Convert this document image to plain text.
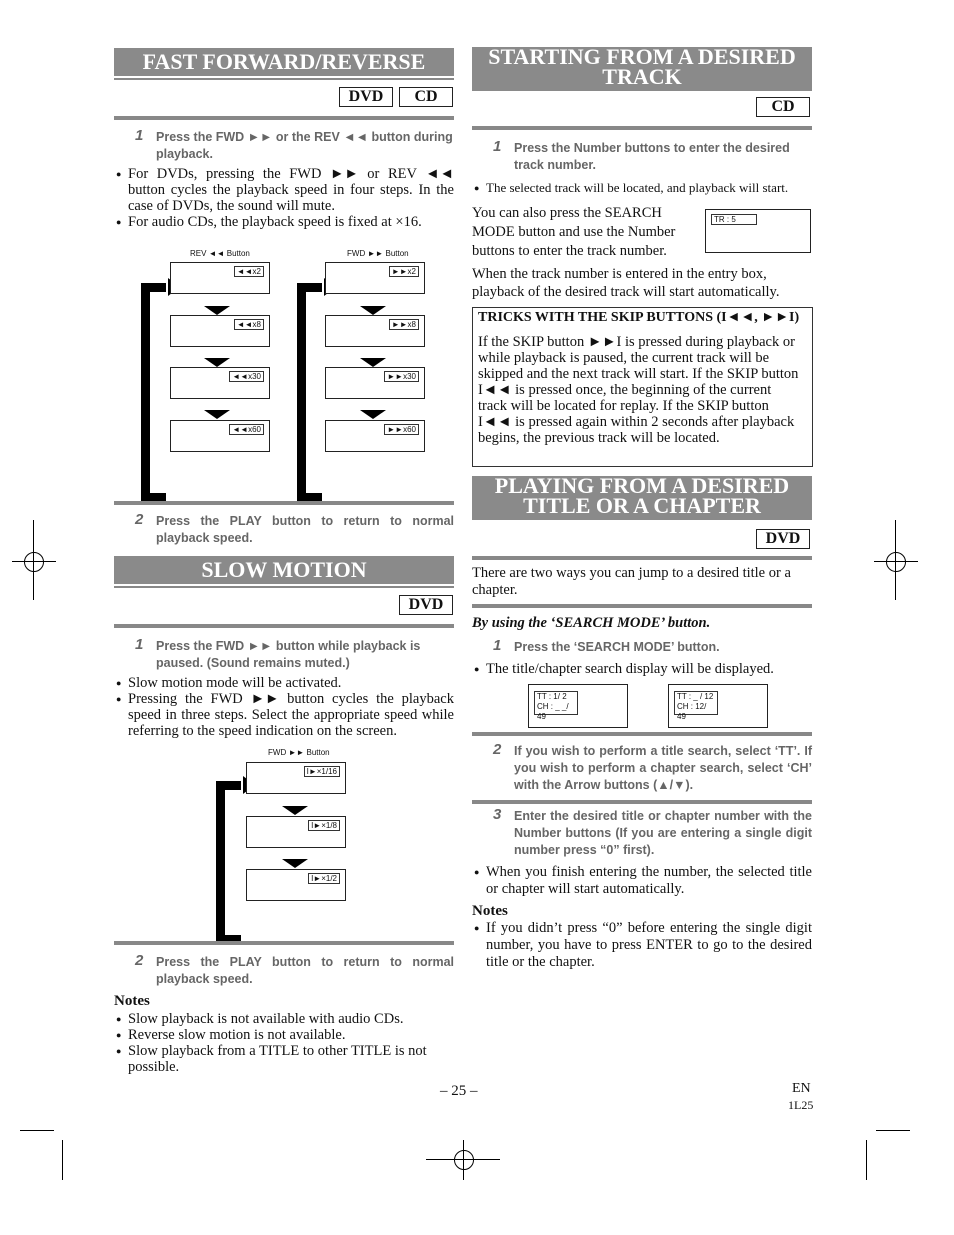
FAST FORWARD/REVERSE
DVD	CD
1 Press the FWD ►► or the REV ◄◄ button during playback.
● For DVDs, pressing the FWD ►► or REV ◄◄ button cycles the playback speed in four steps. In the case of DVDs, the sound will mute.
● For audio CDs, the playback speed is fixed at ×16.
REV ◄◄ Button	FWD ►► Button
◄◄x2
◄◄x8
◄◄x30
◄◄x60
►►x2
►►x8
►►x30
►►x60
2 Press the PLAY button to return to normal playback speed.
SLOW MOTION
DVD
1 Press the FWD ►► button while playback is paused. (Sound remains muted.)
● Slow motion mode will be activated.
● Pressing the FWD ►► button cycles the playback speed in three steps. Select the appropriate speed while referring to the speed indication on the screen.
FWD ►► Button
I►×1/16
I►×1/8
I►×1/2
2 Press the PLAY button to return to normal playback speed.
Notes
● Slow playback is not available with audio CDs.
● Reverse slow motion is not available.
● Slow playback from a TITLE to other TITLE is not possible.
STARTING FROM A DESIRED
TRACK
CD
1 Press the Number buttons to enter the desired track number.
● The selected track will be located, and playback will start.
You can also press the SEARCH MODE button and use the Number buttons to enter the track number.
TR : 5
When the track number is entered in the entry box, playback of the desired track will start automatically.
TRICKS WITH THE SKIP BUTTONS (I◄◄, ►►I)
If the SKIP button ►►I is pressed during playback or while playback is paused, the current track will be skipped and the next track will start. If the SKIP button I◄◄ is pressed once, the beginning of the current track will be located for replay. If the SKIP button I◄◄ is pressed again within 2 seconds after playback begins, the previous track will be located.
PLAYING FROM A DESIRED
TITLE OR A CHAPTER
DVD
There are two ways you can jump to a desired title or a chapter.
By using the ‘SEARCH MODE’ button.
1 Press the ‘SEARCH MODE’ button.
● The title/chapter search display will be displayed.
TT : 1/ 2
CH : _ _/ 49
TT : _ / 12
CH : 12/ 49
2 If you wish to perform a title search, select ‘TT’. If you wish to perform a chapter search, select ‘CH’ with the Arrow buttons (▲/▼).
3 Enter the desired title or chapter number with the Number buttons (If you are entering a single digit number press “0” first).
● When you finish entering the number, the selected title or chapter will start automatically.
Notes
● If you didn’t press “0” before entering the single digit number, you have to press ENTER to go to the desired title or the chapter.
– 25 –	EN
1L25
